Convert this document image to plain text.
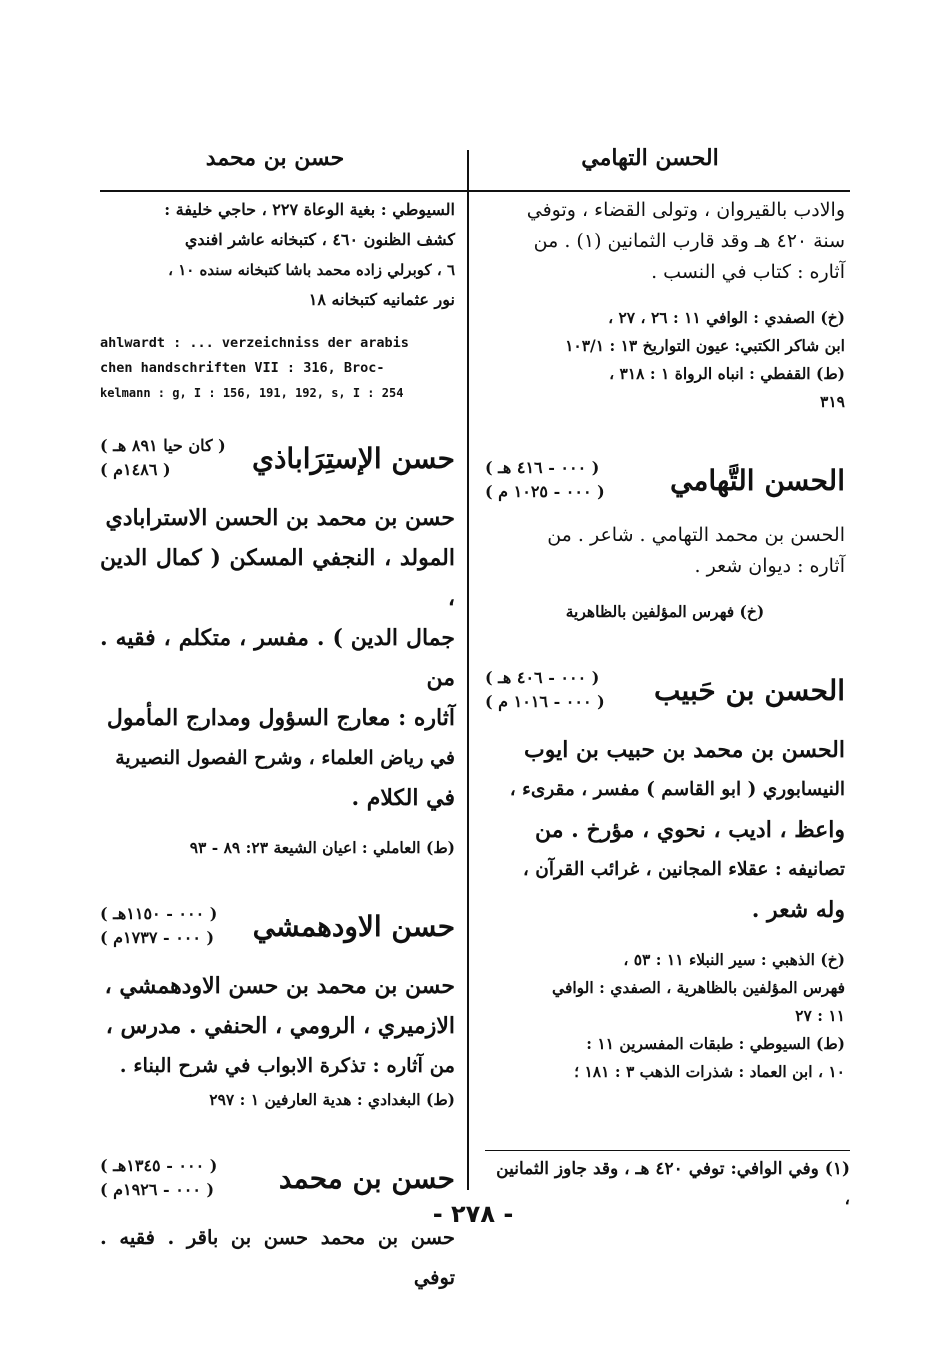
حسن بن محمد	الحسن التهامي

والادب بالقيروان ، وتولى القضاء ، وتوفي

سنة ٤٢٠ هـ وقد قارب الثمانين (١) . من

آثاره : كتاب في النسب .

(خ) الصفدي : الوافي ١١ : ٢٦ ، ٢٧ ،

ابن شاكر الكتبي: عيون التواريخ ١٣ : ١٠٣/١

(ط) القفطي : انباه الرواة ١ : ٣١٨ ،

٣١٩

الحسن التَّهامي
( ٠٠٠ - ٤١٦ هـ )
( ٠٠٠ - ١٠٢٥ م )

الحسن بن محمد التهامي . شاعر . من

آثاره : ديوان شعر .

(خ) فهرس المؤلفين بالظاهرية

الحسن بن حَبيب
( ٠٠٠ - ٤٠٦ هـ )
( ٠٠٠ - ١٠١٦ م )

الحسن بن محمد بن حبيب بن ايوب

النيسابوري ( ابو القاسم ) مفسر ، مقرىء ،

واعظ ، اديب ، نحوي ، مؤرخ . من

تصانيفه : عقلاء المجانين ، غرائب القرآن ،

وله شعر .

(خ) الذهبي : سير النبلاء ١١ : ٥٣ ،

فهرس المؤلفين بالظاهرية ، الصفدي : الوافي

١١ : ٢٧

(ط) السيوطي : طبقات المفسرين ١١ :

١٠ ، ابن العماد : شذرات الذهب ٣ : ١٨١ ؛

(١) وفي الوافي: توفي ٤٢٠ هـ ، وقد جاوز الثمانين ،

السيوطي : بغية الوعاة ٢٢٧ ، حاجي خليفة :

كشف الظنون ٤٦٠ ، كتبخانه عاشر افندي

٦ ، كوبرلي زاده محمد باشا كتبخانه سنده ١٠ ،

نور عثمانيه كتبخانه ١٨

ahlwardt : ... verzeichniss der arabis

chen handschriften VII : 316, Broc-

kelmann : g, I : 156, 191, 192, s, I : 254

حسن الإستِرَاباذي
( كان حيا ٨٩١ هـ )
( ١٤٨٦م )

حسن بن محمد بن الحسن الاسترابادي

المولد ، النجفي المسكن ( كمال الدين ،

جمال الدين ) . مفسر ، متكلم ، فقيه . من

آثاره : معارج السؤول ومدارج المأمول

في رياض العلماء ، وشرح الفصول النصيرية

في الكلام .

(ط) العاملي : اعيان الشيعة ٢٣: ٨٩ - ٩٣

حسن الاودهمشي
( ٠٠٠ - ١١٥٠هـ )
( ٠٠٠ - ١٧٣٧م )

حسن بن محمد بن حسن الاودهمشي ،

الازميري ، الرومي ، الحنفي . مدرس ،

من آثاره : تذكرة الابواب في شرح البناء .

(ط) البغدادي : هدية العارفين ١ : ٢٩٧

حسن بن محمد
( ٠٠٠ - ١٣٤٥هـ )
( ٠٠٠ - ١٩٢٦م )

حسن بن محمد حسن بن باقر . فقيه . توفي

- ٢٧٨ -
